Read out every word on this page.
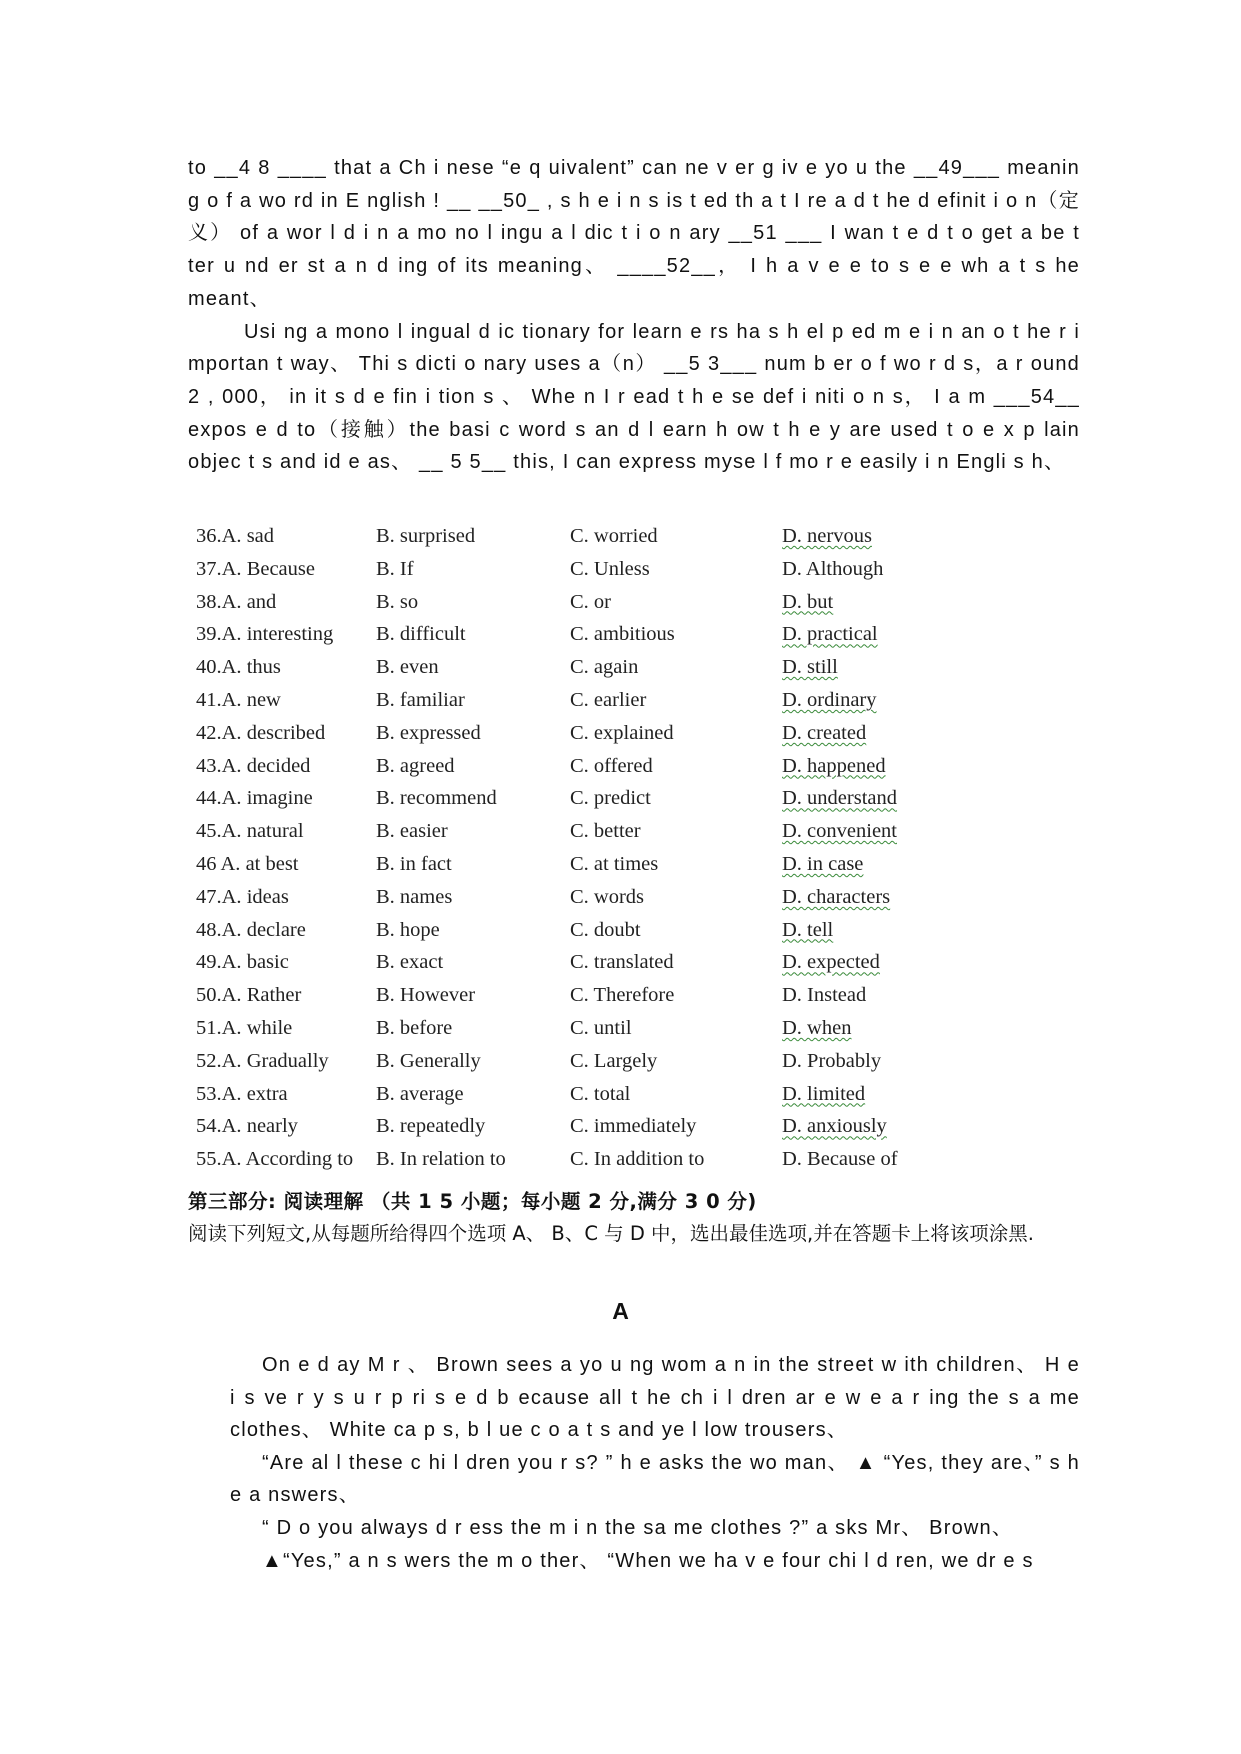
to __4 8 ____ that a Ch i nese “e q uivalent” can ne v er g iv e yo u the __49___ meanin g o f a wo rd in E nglish ! __ __50_ , s h e i n s is t ed th a t I re a d t he d efinit i o n（定义） of a wor l d i n a mo no l ingu a l dic t i o n ary __51 ___ I wan t e d t o get a be t ter u nd er st a n d ing of its meaning、 ____52__， I h a v e e to s e e wh a t s he meant、

Usi ng a mono l ingual d ic tionary for learn e rs ha s h el p ed m e i n an o t he r i mportan t way、 Thi s dicti o nary uses a（n） __5 3___ num b er o f wo r d s，a r ound 2 , 000， in it s d e fin i tion s 、 Whe n I r ead t h e se def i niti o n s， I a m ___54__ expos e d to（接触）the basi c word s an d l earn h ow t h e y are used t o e x p lain objec t s and id e as、 __ 5 5__ this, I can express myse l f mo r e easily i n Engli s h、

36.A. sad	B. surprised	C. worried	D. nervous
37.A. Because	B. If	C. Unless	D. Although
38.A. and	B. so	C. or	D. but
39.A. interesting B. difficult	C. ambitious	D. practical
40.A. thus	B. even	C. again	D. still
41.A. new	B. familiar	C. earlier	D. ordinary
42.A. described B. expressed	C. explained	D. created
43.A. decided	B. agreed	C. offered	D. happened
44.A. imagine	B. recommend	C. predict	D. understand
45.A. natural	B. easier	C. better	D. convenient
46 A. at best	B. in fact	C. at times	D. in case
47.A. ideas	B. names	C. words	D. characters
48.A. declare	B. hope	C. doubt	D. tell
49.A. basic	B. exact	C. translated	D. expected
50.A. Rather	B. However	C. Therefore	D. Instead
51.A. while	B. before	C. until	D. when
52.A. Gradually B. Generally	C. Largely	D. Probably
53.A. extra	B. average	C. total	D. limited
54.A. nearly	B. repeatedly	C. immediately	D. anxiously
55.A. According to B. In relation to	C. In addition to	D. Because of
第三部分: 阅读理解 （共 1 5 小题；每小题 2 分,满分 3 0 分)
阅读下列短文,从每题所给得四个选项 A、 B、C 与 D 中，选出最佳选项,并在答题卡上将该项涂黑.
A

On e d ay M r 、 Brown sees a yo u ng wom a n in the street w ith children、 H e i s ve r y s u r p ri s e d b ecause all t he ch i l dren ar e w e a r ing the s a me clothes、 White ca p s, b l ue c o a t s and ye l low trousers、

“Are al l these c hi l dren you r s? ” h e asks the wo man、 ▲ “Yes, they are、” s h e a nswers、

“ D o you always d r ess the m i n the sa me clothes ?” a sks Mr、 Brown、

▲“Yes,” a n s wers the m o ther、 “When we ha v e four chi l d ren, we dr e s
